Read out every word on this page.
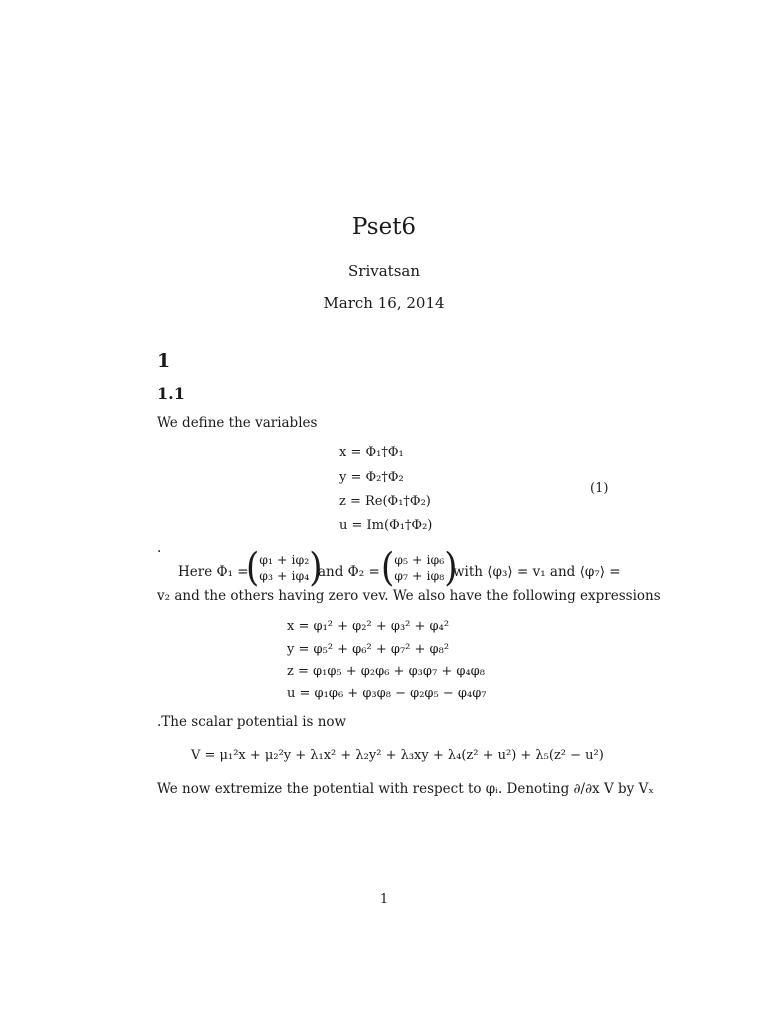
Pset6
Srivatsan
March 16, 2014
1
1.1
We define the variables
x = Φ₁†Φ₁
y = Φ₂†Φ₂
z = Re(Φ₁†Φ₂)
u = Im(Φ₁†Φ₂)
(1)
.
Here Φ₁ =
( φ₁ + iφ₂
φ₃ + iφ₄ )
and Φ₂ = ( φ₅ + iφ₆
φ₇ + iφ₈ )
with ⟨φ₃⟩ = v₁ and ⟨φ₇⟩ =
v₂ and the others having zero vev. We also have the following expressions
x = φ₁² + φ₂² + φ₃² + φ₄²
y = φ₅² + φ₆² + φ₇² + φ₈²
z = φ₁φ₅ + φ₂φ₆ + φ₃φ₇ + φ₄φ₈
u = φ₁φ₆ + φ₃φ₈ − φ₂φ₅ − φ₄φ₇
.The scalar potential is now
V = μ₁²x + μ₂²y + λ₁x² + λ₂y² + λ₃xy + λ₄(z² + u²) + λ₅(z² − u²)
We now extremize the potential with respect to φᵢ. Denoting ∂/∂x V by Vₓ
1
